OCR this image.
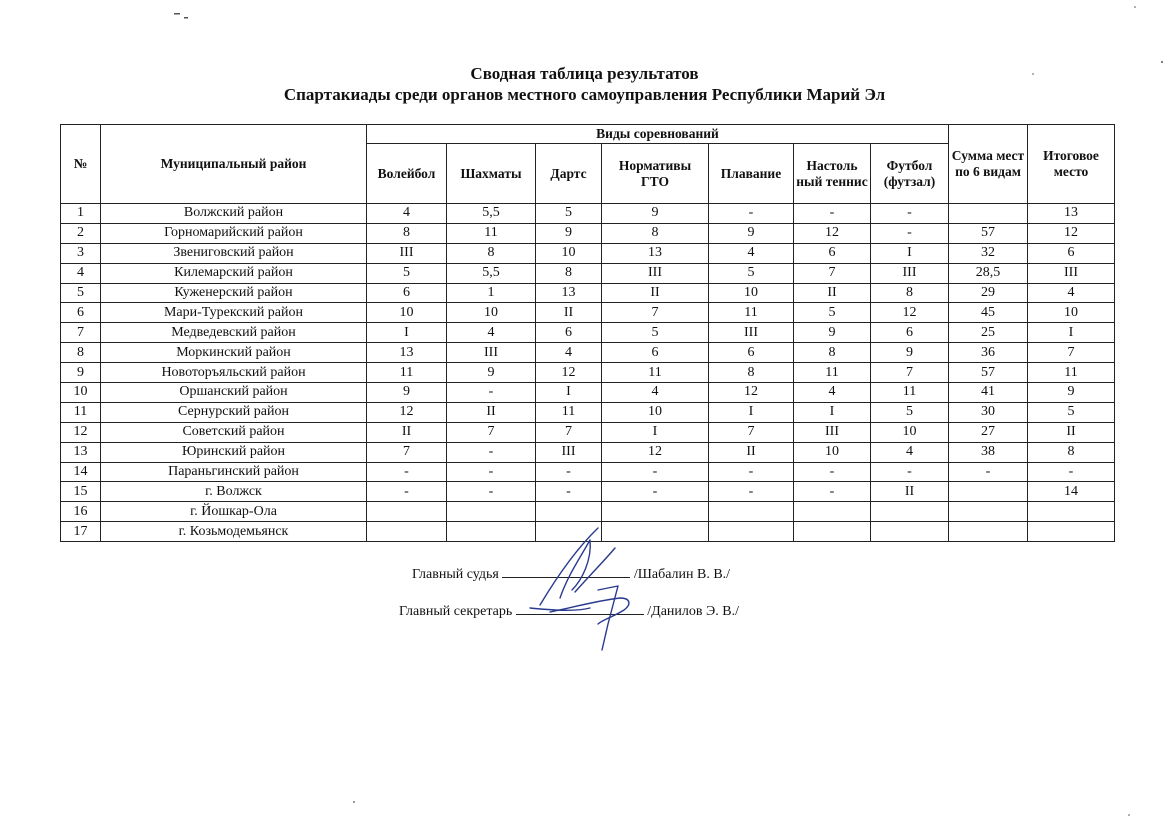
Сводная таблица результатов
Спартакиады среди органов местного самоуправления Республики Марий Эл
№	Муниципальный район	Виды соревнований							Сумма мест по 6 видам	Итоговое место
		Волейбол	Шахматы	Дартс	Нормативы ГТО	Плавание	Настоль ный теннис	Футбол (футзал)		
1	Волжский район	4	5,5	5	9	-	-	-		13
2	Горномарийский район	8	11	9	8	9	12	-	57	12
3	Звениговский район	III	8	10	13	4	6	I	32	6
4	Килемарский район	5	5,5	8	III	5	7	III	28,5	III
5	Куженерский район	6	1	13	II	10	II	8	29	4
6	Мари-Турекский район	10	10	II	7	11	5	12	45	10
7	Медведевский район	I	4	6	5	III	9	6	25	I
8	Моркинский район	13	III	4	6	6	8	9	36	7
9	Новоторъяльский район	11	9	12	11	8	11	7	57	11
10	Оршанский район	9	-	I	4	12	4	11	41	9
11	Сернурский район	12	II	11	10	I	I	5	30	5
12	Советский район	II	7	7	I	7	III	10	27	II
13	Юринский район	7	-	III	12	II	10	4	38	8
14	Параньгинский район	-	-	-	-	-	-	-	-	-
15	г. Волжск	-	-	-	-	-	-	II		14
16	г. Йошкар-Ола									
17	г. Козьмодемьянск									
Главный судья	/Шабалин В. В./
Главный секретарь	/Данилов Э. В./
